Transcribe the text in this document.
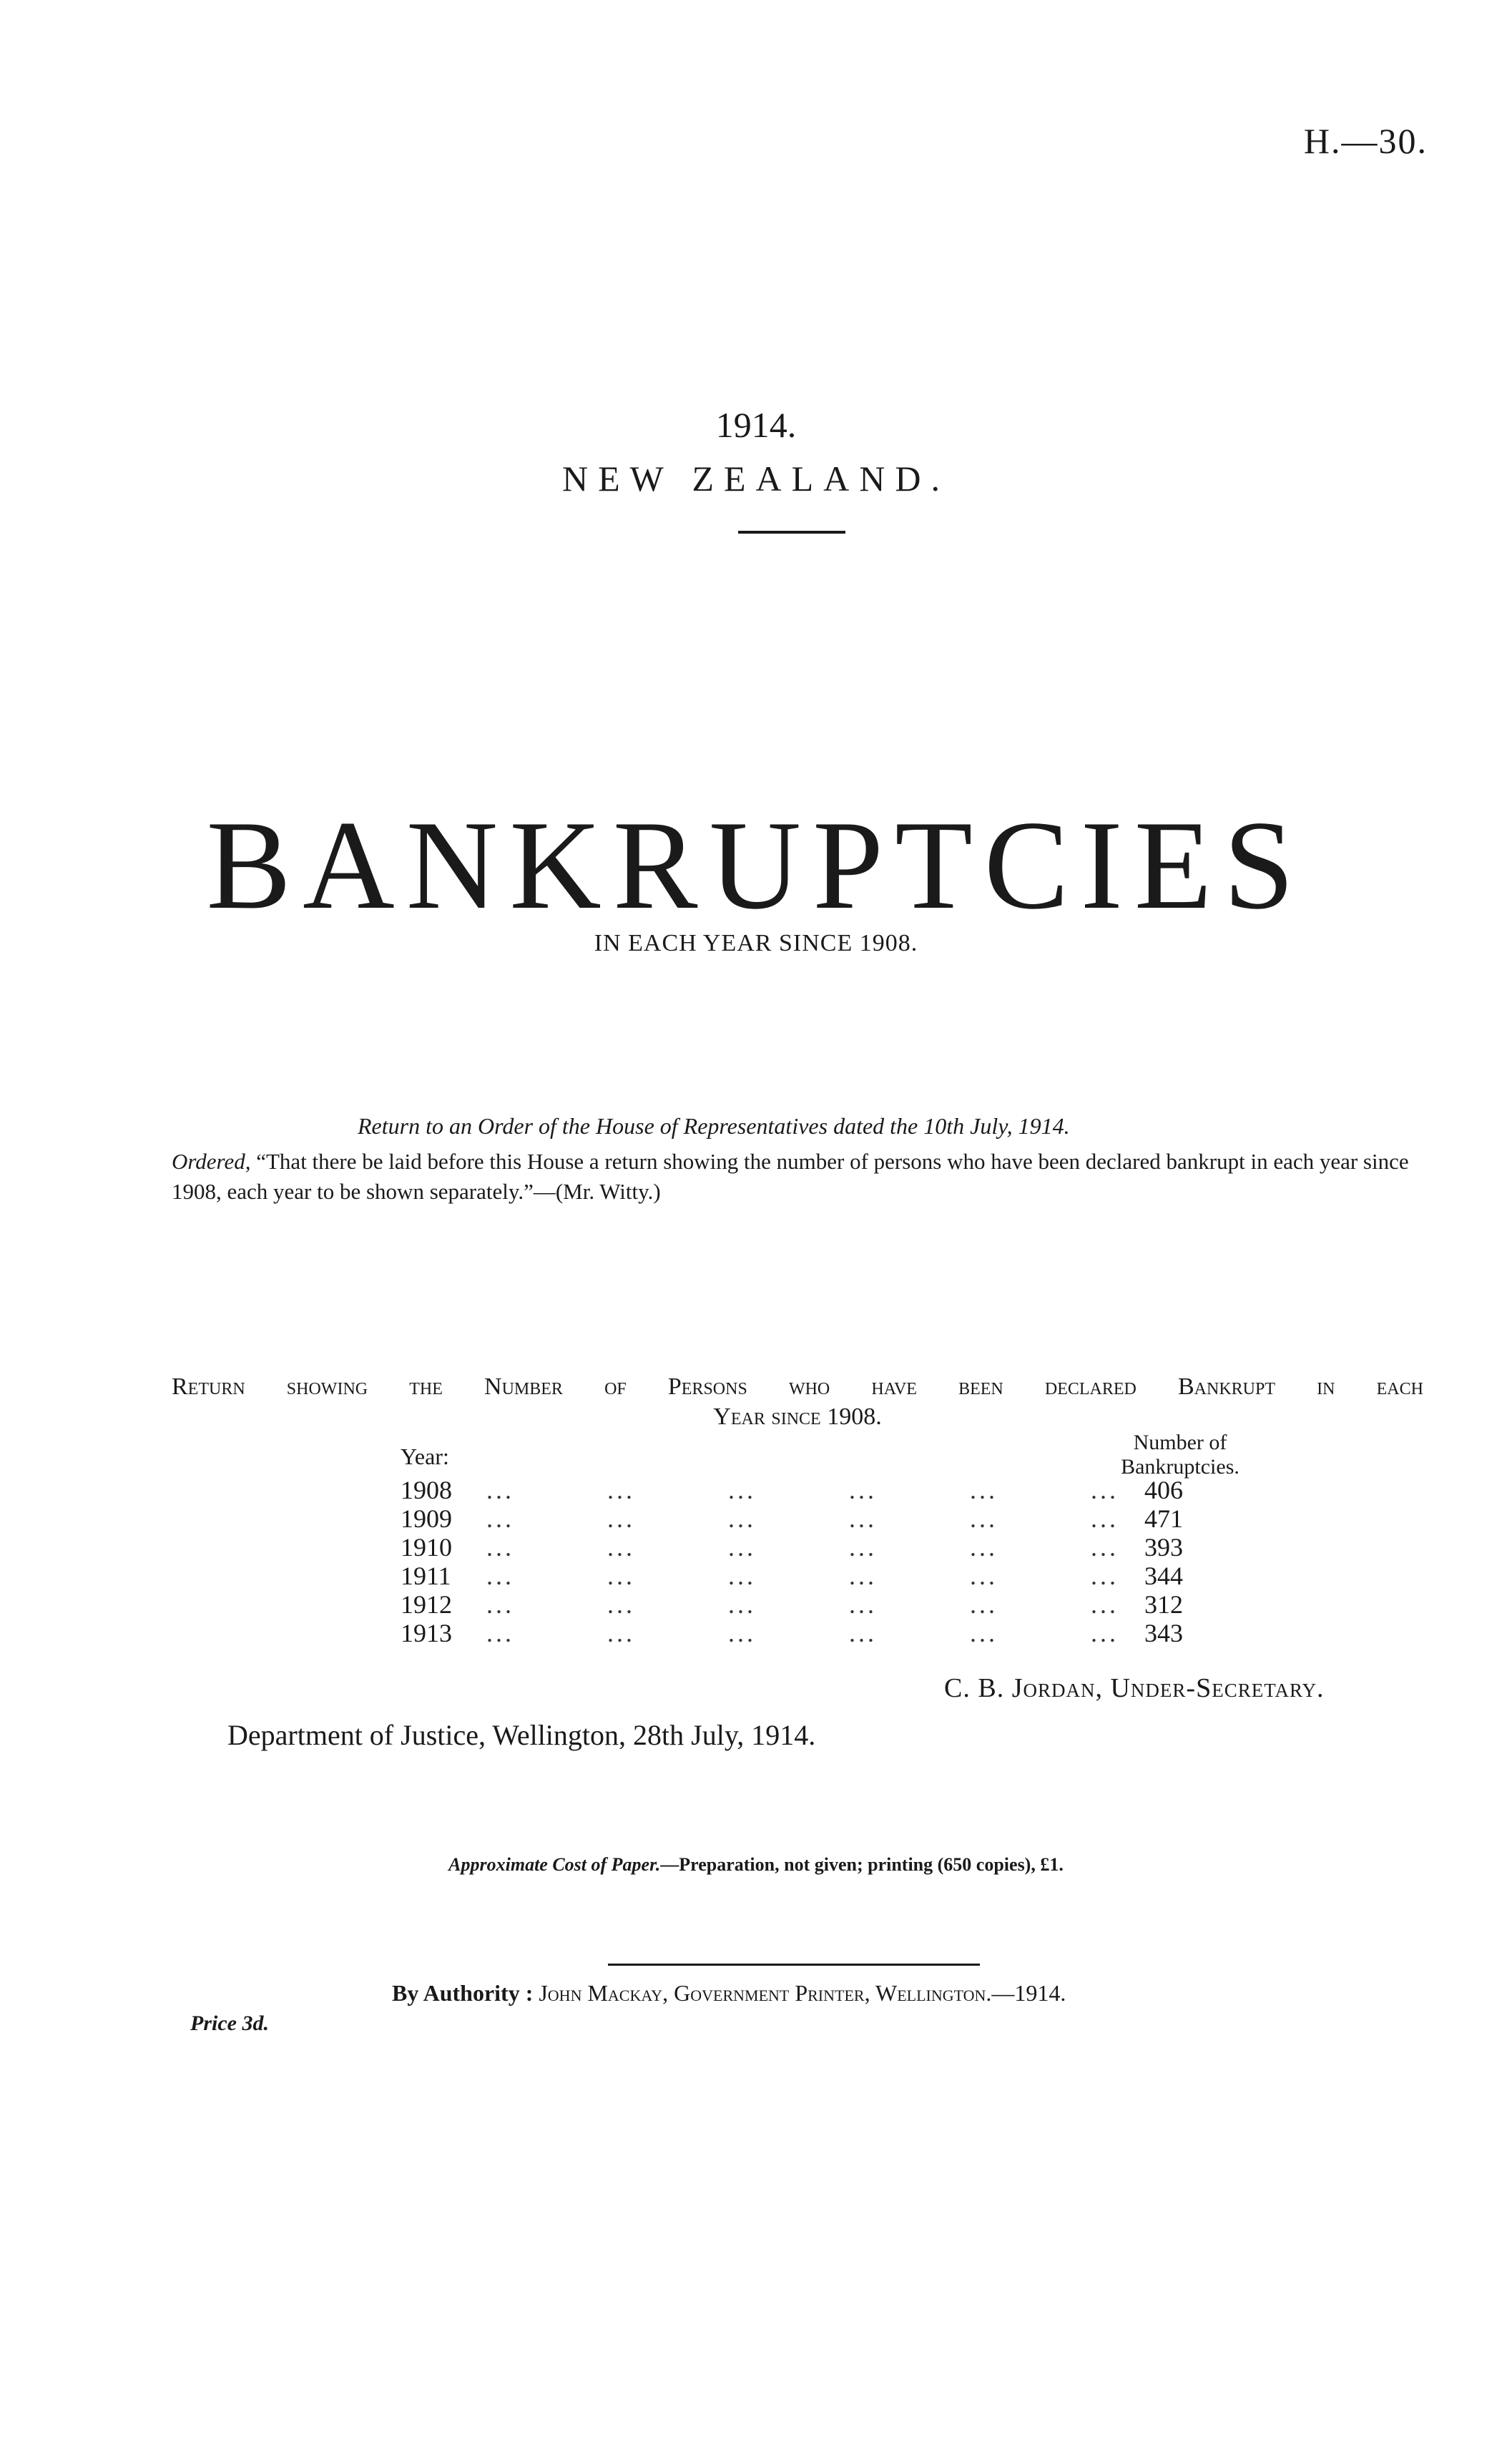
H.—30.
1914.
NEW ZEALAND.
BANKRUPTCIES
IN EACH YEAR SINCE 1908.
Return to an Order of the House of Representatives dated the 10th July, 1914.
Ordered, “That there be laid before this House a return showing the number of persons who have been declared bankrupt in each year since 1908, each year to be shown separately.”—(Mr. Witty.)
Return showing the Number of Persons who have been declared Bankrupt in each
Year since 1908.
Year:
Number of Bankruptcies.
1908 ...          ...          ...          ...          ...          ...	406
1909 ...          ...          ...          ...          ...          ...	471
1910 ...          ...          ...          ...          ...          ...	393
1911 ...          ...          ...          ...          ...          ...	344
1912 ...          ...          ...          ...          ...          ...	312
1913 ...          ...          ...          ...          ...          ...	343
C. B. Jordan, Under-Secretary.
Department of Justice, Wellington, 28th July, 1914.
Approximate Cost of Paper.—Preparation, not given; printing (650 copies), £1.
By Authority : John Mackay, Government Printer, Wellington.—1914.
Price 3d.
